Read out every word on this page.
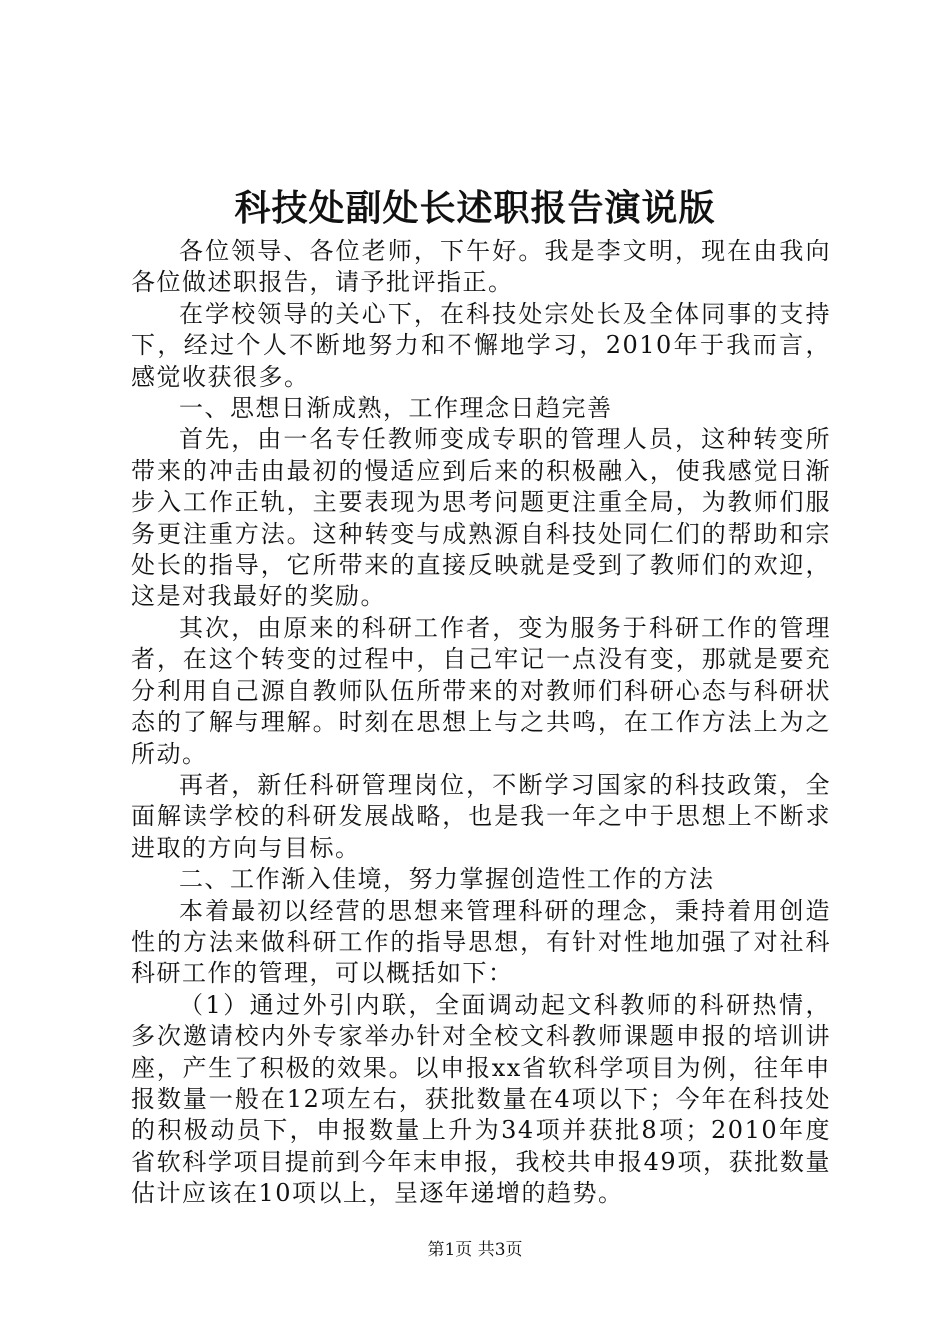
科技处副处长述职报告演说版

各位领导、各位老师，下午好。我是李文明，现在由我向各位做述职报告，请予批评指正。

在学校领导的关心下，在科技处宗处长及全体同事的支持下，经过个人不断地努力和不懈地学习，2010年于我而言，感觉收获很多。

一、思想日渐成熟，工作理念日趋完善

首先，由一名专任教师变成专职的管理人员，这种转变所带来的冲击由最初的慢适应到后来的积极融入，使我感觉日渐步入工作正轨，主要表现为思考问题更注重全局，为教师们服务更注重方法。这种转变与成熟源自科技处同仁们的帮助和宗处长的指导，它所带来的直接反映就是受到了教师们的欢迎，这是对我最好的奖励。

其次，由原来的科研工作者，变为服务于科研工作的管理者，在这个转变的过程中，自己牢记一点没有变，那就是要充分利用自己源自教师队伍所带来的对教师们科研心态与科研状态的了解与理解。时刻在思想上与之共鸣，在工作方法上为之所动。

再者，新任科研管理岗位，不断学习国家的科技政策，全面解读学校的科研发展战略，也是我一年之中于思想上不断求进取的方向与目标。

二、工作渐入佳境，努力掌握创造性工作的方法

本着最初以经营的思想来管理科研的理念，秉持着用创造性的方法来做科研工作的指导思想，有针对性地加强了对社科科研工作的管理，可以概括如下：

（1）通过外引内联，全面调动起文科教师的科研热情，多次邀请校内外专家举办针对全校文科教师课题申报的培训讲座，产生了积极的效果。以申报xx省软科学项目为例，往年申报数量一般在12项左右，获批数量在4项以下；今年在科技处的积极动员下，申报数量上升为34项并获批8项；2010年度省软科学项目提前到今年末申报，我校共申报49项，获批数量估计应该在10项以上，呈逐年递增的趋势。

第1页 共3页
